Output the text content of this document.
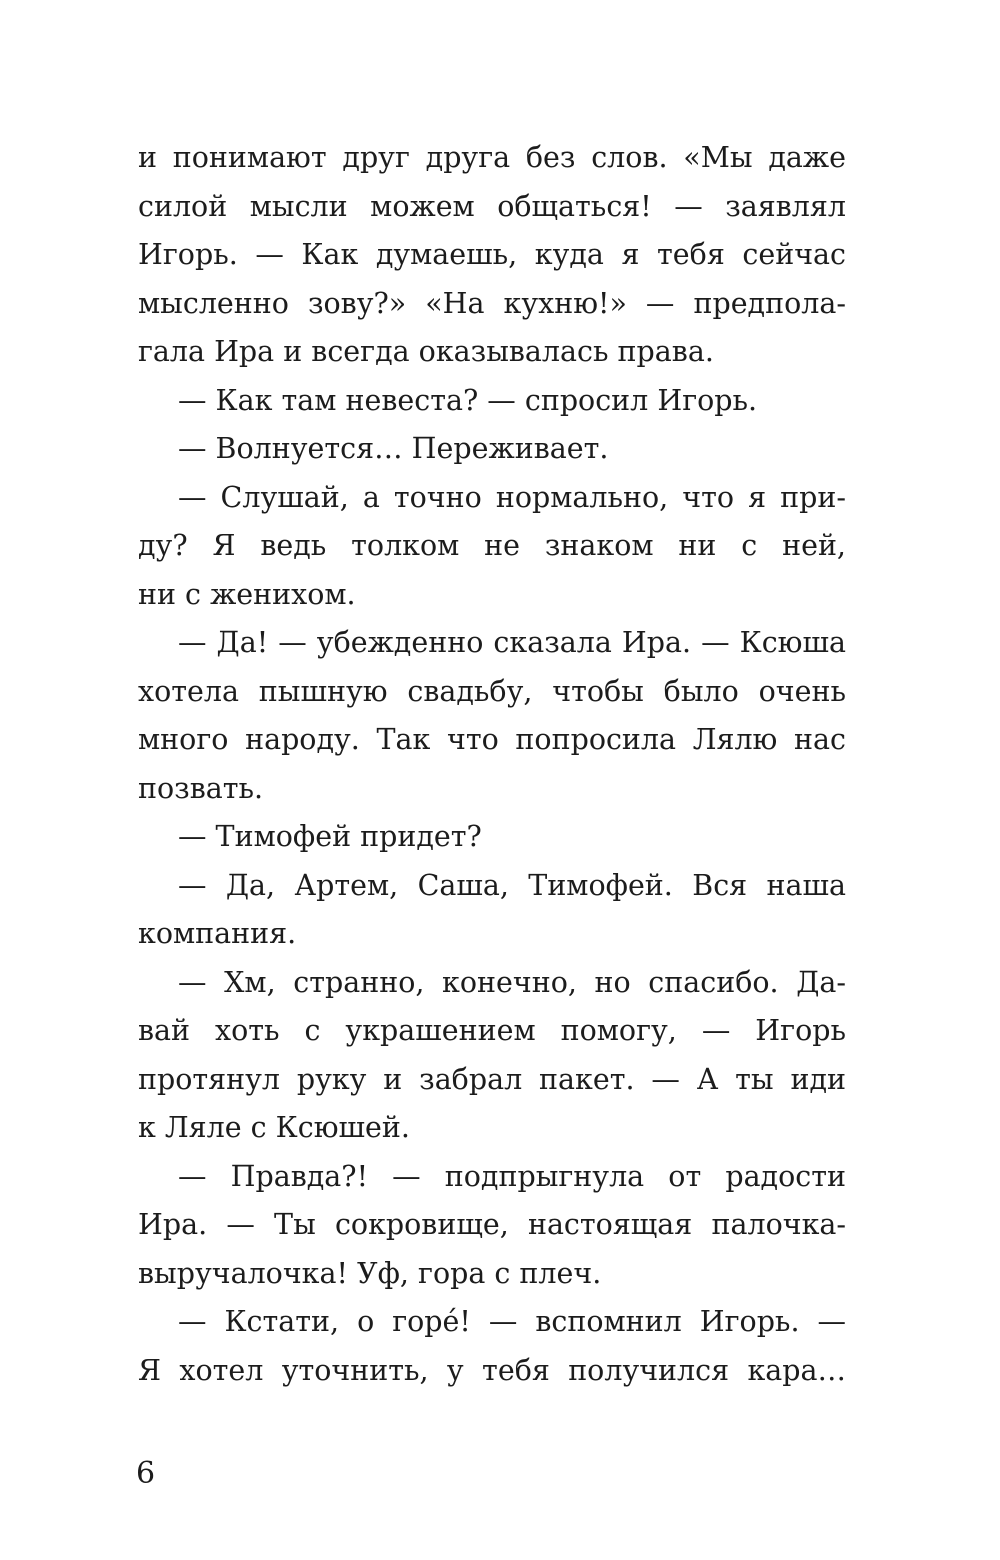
и понимают друг друга без слов. «Мы даже
силой мысли можем общаться! — заявлял
Игорь. — Как думаешь, куда я тебя сейчас
мысленно зову?» «На кухню!» — предпола-
гала Ира и всегда оказывалась права.
— Как там невеста? — спросил Игорь.
— Волнуется… Переживает.
— Слушай, а точно нормально, что я при-
ду? Я ведь толком не знаком ни с ней,
ни с женихом.
— Да! — убежденно сказала Ира. — Ксюша
хотела пышную свадьбу, чтобы было очень
много народу. Так что попросила Лялю нас
позвать.
— Тимофей придет?
— Да, Артем, Саша, Тимофей. Вся наша
компания.
— Хм, странно, конечно, но спасибо. Да-
вай хоть с украшением помогу, — Игорь
протянул руку и забрал пакет. — А ты иди
к Ляле с Ксюшей.
— Правда?! — подпрыгнула от радости
Ира. — Ты сокровище, настоящая палочка-
выручалочка! Уф, гора с плеч.
— Кстати, о горе́! — вспомнил Игорь. —
Я хотел уточнить, у тебя получился кара…
6
